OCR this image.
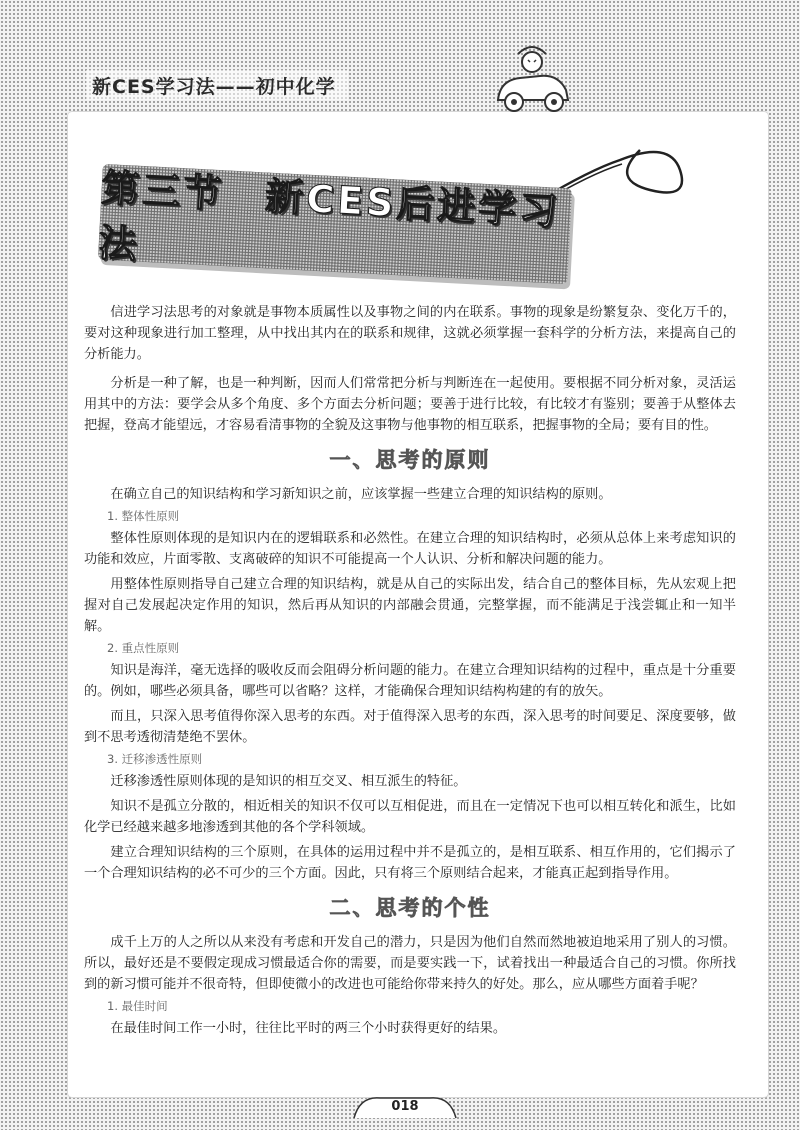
新CES学习法——初中化学
第三节　新CES后进学习法

信进学习法思考的对象就是事物本质属性以及事物之间的内在联系。事物的现象是纷繁复杂、变化万千的，要对这种现象进行加工整理，从中找出其内在的联系和规律，这就必须掌握一套科学的分析方法，来提高自己的分析能力。

分析是一种了解，也是一种判断，因而人们常常把分析与判断连在一起使用。要根据不同分析对象，灵活运用其中的方法：要学会从多个角度、多个方面去分析问题；要善于进行比较，有比较才有鉴别；要善于从整体去把握，登高才能望远，才容易看清事物的全貌及这事物与他事物的相互联系，把握事物的全局；要有目的性。

一、思考的原则

在确立自己的知识结构和学习新知识之前，应该掌握一些建立合理的知识结构的原则。

1. 整体性原则

整体性原则体现的是知识内在的逻辑联系和必然性。在建立合理的知识结构时，必须从总体上来考虑知识的功能和效应，片面零散、支离破碎的知识不可能提高一个人认识、分析和解决问题的能力。

用整体性原则指导自己建立合理的知识结构，就是从自己的实际出发，结合自己的整体目标，先从宏观上把握对自己发展起决定作用的知识，然后再从知识的内部融会贯通，完整掌握，而不能满足于浅尝辄止和一知半解。

2. 重点性原则

知识是海洋，毫无选择的吸收反而会阻碍分析问题的能力。在建立合理知识结构的过程中，重点是十分重要的。例如，哪些必须具备，哪些可以省略？这样，才能确保合理知识结构构建的有的放矢。

而且，只深入思考值得你深入思考的东西。对于值得深入思考的东西，深入思考的时间要足、深度要够，做到不思考透彻清楚绝不罢休。

3. 迁移渗透性原则

迁移渗透性原则体现的是知识的相互交叉、相互派生的特征。

知识不是孤立分散的，相近相关的知识不仅可以互相促进，而且在一定情况下也可以相互转化和派生，比如化学已经越来越多地渗透到其他的各个学科领域。

建立合理知识结构的三个原则，在具体的运用过程中并不是孤立的，是相互联系、相互作用的，它们揭示了一个合理知识结构的必不可少的三个方面。因此，只有将三个原则结合起来，才能真正起到指导作用。

二、思考的个性

成千上万的人之所以从来没有考虑和开发自己的潜力，只是因为他们自然而然地被迫地采用了别人的习惯。所以，最好还是不要假定现成习惯最适合你的需要，而是要实践一下，试着找出一种最适合自己的习惯。你所找到的新习惯可能并不很奇特，但即使微小的改进也可能给你带来持久的好处。那么，应从哪些方面着手呢？

1. 最佳时间

在最佳时间工作一小时，往往比平时的两三个小时获得更好的结果。

018
